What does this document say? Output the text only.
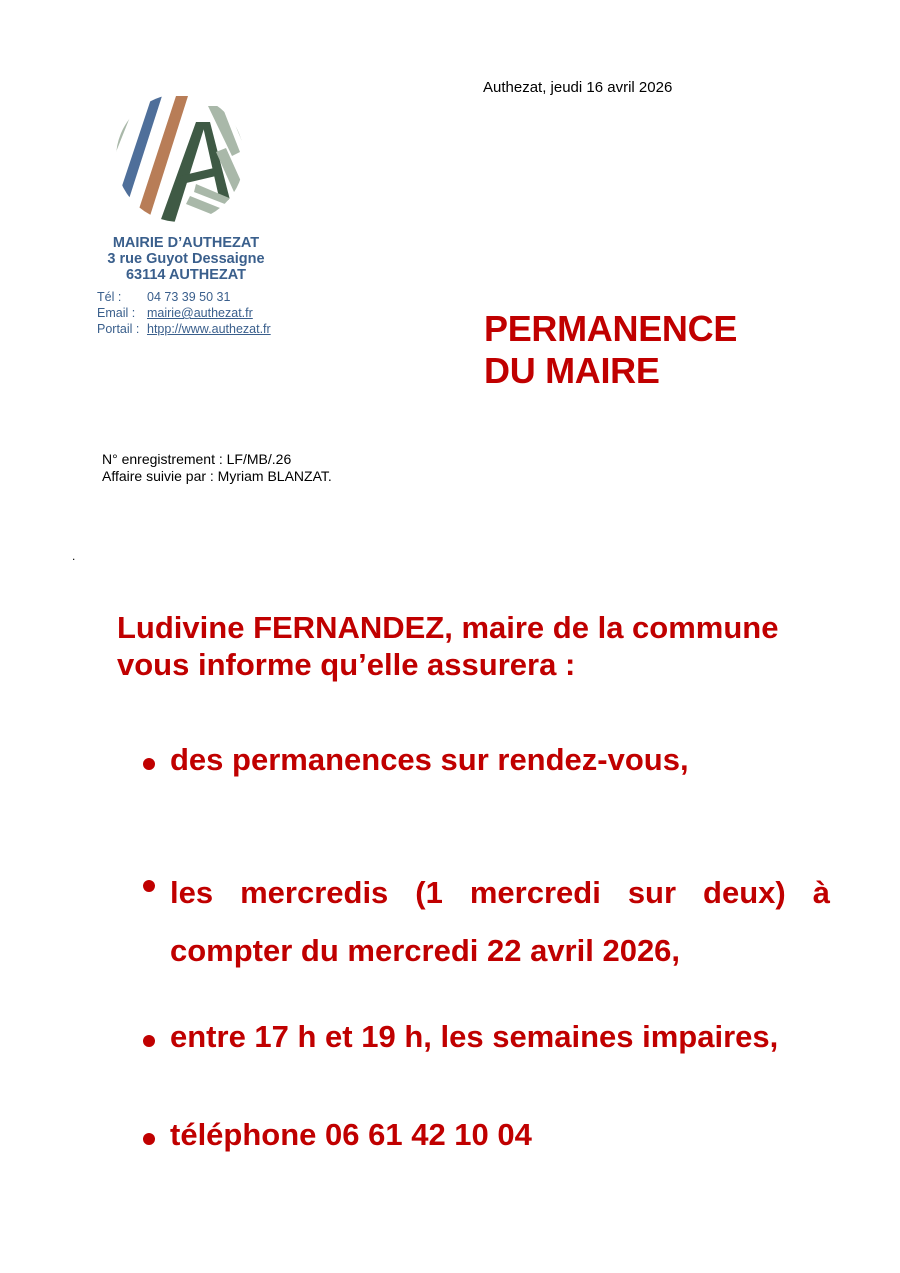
MAIRIE D’AUTHEZAT
3 rue Guyot Dessaigne
63114 AUTHEZAT
Tél :	04 73 39 50 31
Email : mairie@authezat.fr
Portail : htpp://www.authezat.fr
Authezat, jeudi 16 avril 2026
PERMANENCE
DU MAIRE
N° enregistrement : LF/MB/.26
Affaire suivie par : Myriam BLANZAT.
.
Ludivine FERNANDEZ, maire de la commune
vous informe qu’elle assurera :
des permanences sur rendez-vous,
les mercredis (1 mercredi sur deux) à
compter du mercredi 22 avril 2026,
entre 17 h et 19 h, les semaines impaires,
téléphone 06 61 42 10 04
